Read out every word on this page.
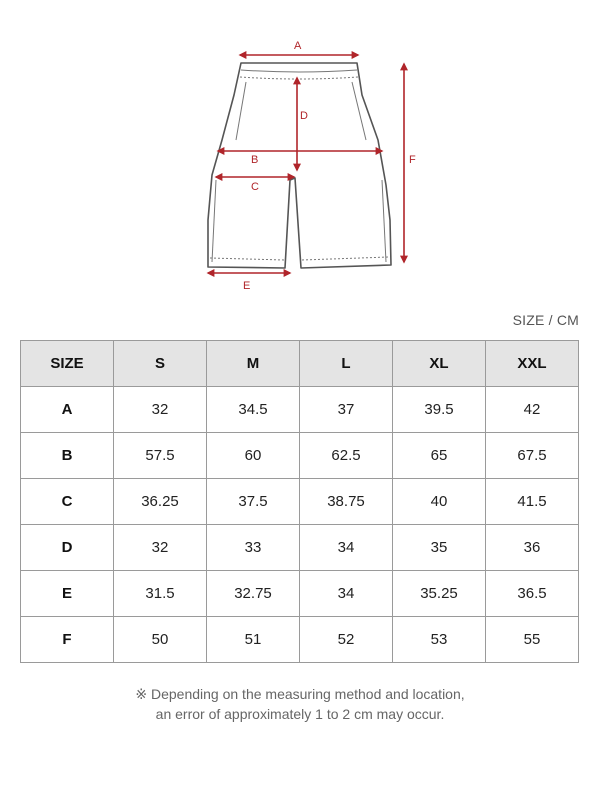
A
B
C
D
E
F
SIZE / CM
SIZE	S	M	L	XL	XXL
A	32	34.5	37	39.5	42
B	57.5	60	62.5	65	67.5
C	36.25	37.5	38.75	40	41.5
D	32	33	34	35	36
E	31.5	32.75	34	35.25	36.5
F	50	51	52	53	55
※ Depending on the measuring method and location,
an error of approximately 1 to 2 cm may occur.
